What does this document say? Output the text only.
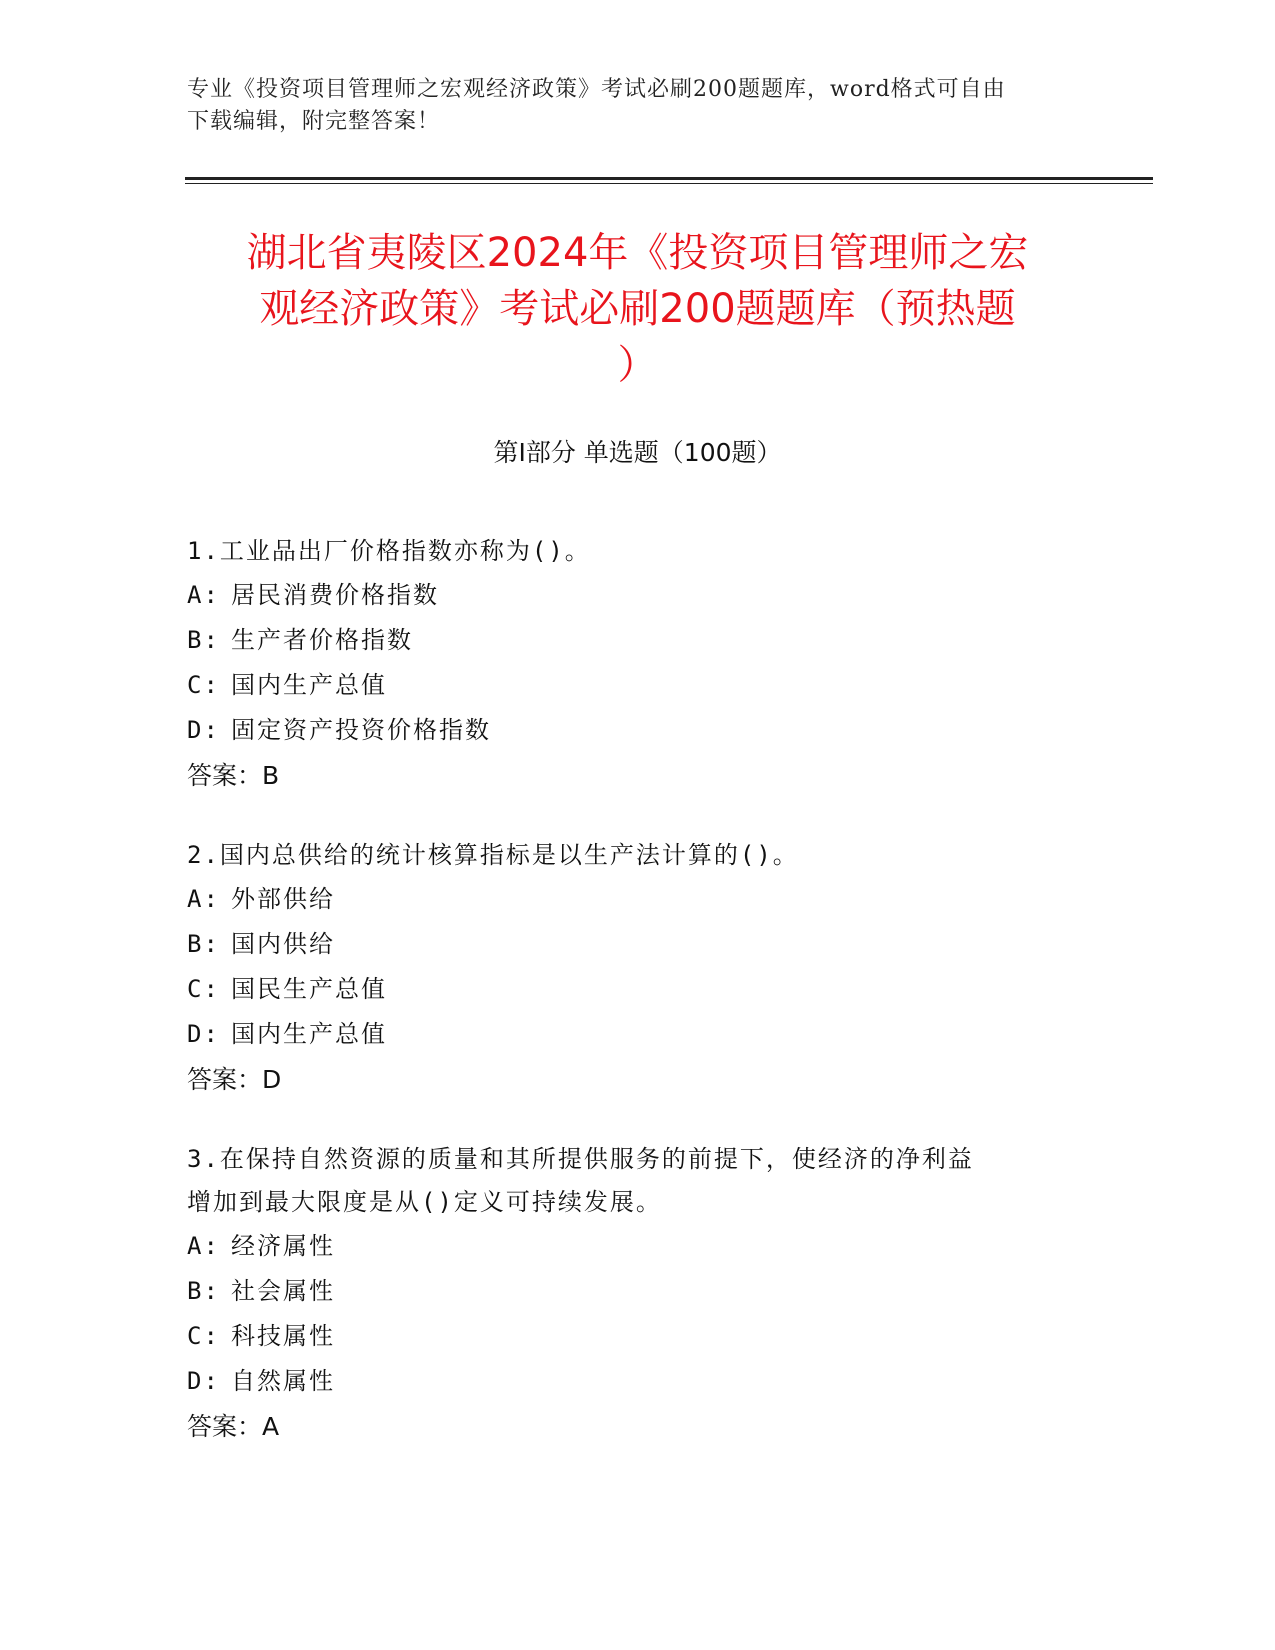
专业《投资项目管理师之宏观经济政策》考试必刷200题题库，word格式可自由
下载编辑，附完整答案！
湖北省夷陵区2024年《投资项目管理师之宏
观经济政策》考试必刷200题题库（预热题
）
第Ⅰ部分 单选题（100题）
1.工业品出厂价格指数亦称为()。
A: 居民消费价格指数
B: 生产者价格指数
C: 国内生产总值
D: 固定资产投资价格指数
答案：B
2.国内总供给的统计核算指标是以生产法计算的()。
A: 外部供给
B: 国内供给
C: 国民生产总值
D: 国内生产总值
答案：D
3.在保持自然资源的质量和其所提供服务的前提下，使经济的净利益
增加到最大限度是从()定义可持续发展。
A: 经济属性
B: 社会属性
C: 科技属性
D: 自然属性
答案：A
